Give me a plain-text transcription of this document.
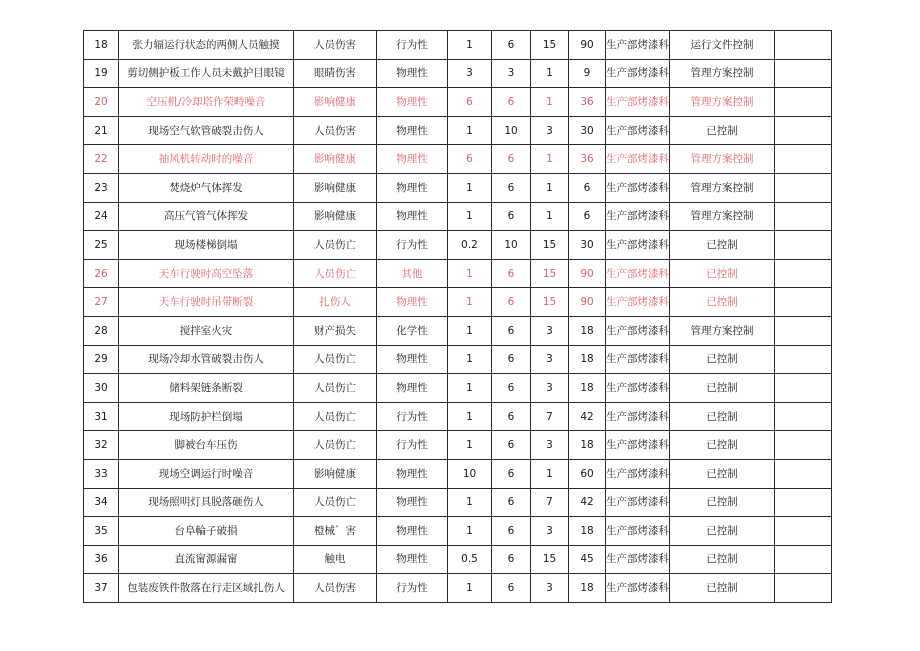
18	张力辐运行状态的两侧人员触摸	人员伤害	行为性	1	6	15	90	生产部烤漆科	运行文件控制	
19	剪切侧护板工作人员未戴护目眼镜	眼睛伤害	物理性	3	3	1	9	生产部烤漆科	管理方案控制	
20	空压机/冷却塔作荣畤噪音	影响健康	物理性	6	6	1	36	生产部烤漆科	管理方案控制	
21	现场空气软管破裂击伤人	人员伤害	物理性	1	10	3	30	生产部烤漆科	已控制	
22	抽风机转动时的噪音	影响健康	物理性	6	6	1	36	生产部烤漆科	管理方案控制	
23	焚烧炉气体挥发	影响健康	物理性	1	6	1	6	生产部烤漆科	管理方案控制	
24	高压气管气体挥发	影响健康	物理性	1	6	1	6	生产部烤漆科	管理方案控制	
25	现场楼梯倒塌	人员伤亡	行为性	0.2	10	15	30	生产部烤漆科	已控制	
26	天车行驶时高空坠落	人员伤亡	其他	1	6	15	90	生产部烤漆科	已控制	
27	天车行驶时吊带断裂	扎伤人	物理性	1	6	15	90	生产部烤漆科	已控制	
28	搅拌室火灾	财产损失	化学性	1	6	3	18	生产部烤漆科	管理方案控制	
29	现场冷却水管破裂击伤人	人员伤亡	物理性	1	6	3	18	生产部烤漆科	已控制	
30	储料架链条断裂	人员伤亡	物理性	1	6	3	18	生产部烤漆科	已控制	
31	现场防护栏倒塌	人员伤亡	行为性	1	6	7	42	生产部烤漆科	已控制	
32	脚被台车压伤	人员伤亡	行为性	1	6	3	18	生产部烤漆科	已控制	
33	现场空调运行时噪音	影响健康	物理性	10	6	1	60	生产部烤漆科	已控制	
34	现场照明灯具脱落砸伤人	人员伤亡	物理性	1	6	7	42	生产部烤漆科	已控制	
35	台阜輪子破損	橙械゛害	物理性	1	6	3	18	生产部烤漆科	已控制	
36	直流甯源漏甯	触电	物理性	0.5	6	15	45	生产部烤漆科	已控制	
37	包装废铁件散落在行走区域扎伤人	人员伤害	行为性	1	6	3	18	生产部烤漆科	已控制	
